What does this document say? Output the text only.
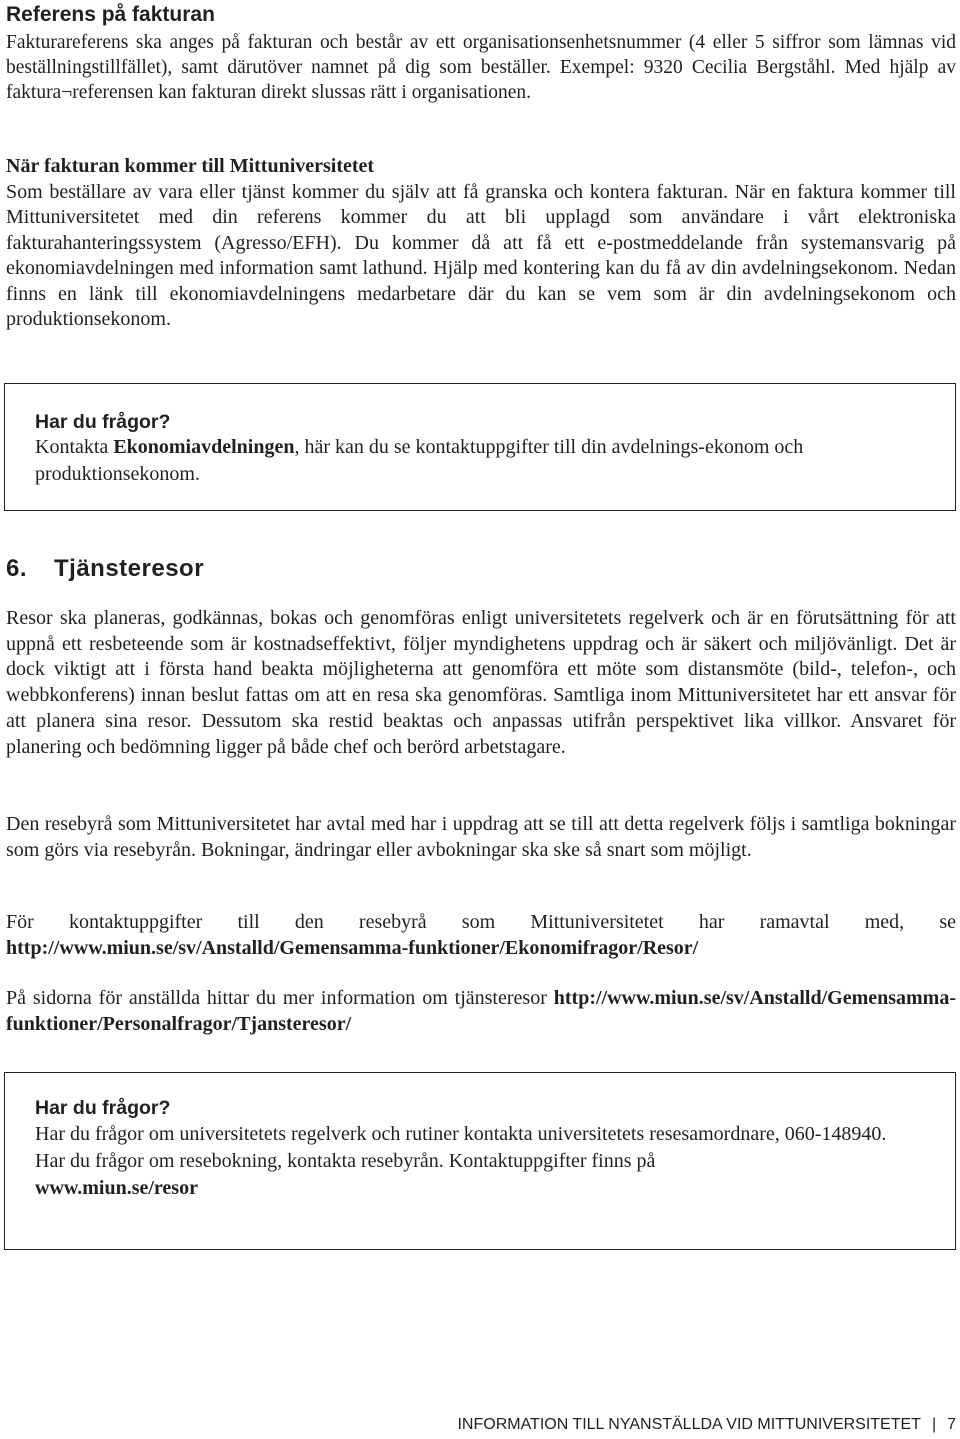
Referens på fakturan

Fakturareferens ska anges på fakturan och består av ett organisationsenhetsnummer (4 eller 5 siffror som lämnas vid beställningstillfället), samt därutöver namnet på dig som beställer. Exempel: 9320 Cecilia Bergståhl. Med hjälp av faktura¬referensen kan fakturan direkt slussas rätt i organisationen.

När fakturan kommer till Mittuniversitetet

Som beställare av vara eller tjänst kommer du själv att få granska och kontera fakturan. När en faktura kommer till Mittuniversitetet med din referens kommer du att bli upplagd som användare i vårt elektroniska fakturahanteringssystem (Agresso/EFH). Du kommer då att få ett e-postmeddelande från systemansvarig på ekonomiavdelningen med information samt lathund. Hjälp med kontering kan du få av din avdelningsekonom. Nedan finns en länk till ekonomiavdelningens medarbetare där du kan se vem som är din avdelningsekonom och produktionsekonom.

Har du frågor?

Kontakta Ekonomiavdelningen, här kan du se kontaktuppgifter till din avdelnings-ekonom och produktionsekonom.

6. Tjänsteresor

Resor ska planeras, godkännas, bokas och genomföras enligt universitetets regelverk och är en förutsättning för att uppnå ett resbeteende som är kostnadseffektivt, följer myndighetens uppdrag och är säkert och miljövänligt. Det är dock viktigt att i första hand beakta möjligheterna att genomföra ett möte som distansmöte (bild-, telefon-, och webbkonferens) innan beslut fattas om att en resa ska genomföras. Samtliga inom Mittuniversitetet har ett ansvar för att planera sina resor. Dessutom ska restid beaktas och anpassas utifrån perspektivet lika villkor. Ansvaret för planering och bedömning ligger på både chef och berörd arbetstagare.

Den resebyrå som Mittuniversitetet har avtal med har i uppdrag att se till att detta regelverk följs i samtliga bokningar som görs via resebyrån. Bokningar, ändringar eller avbokningar ska ske så snart som möjligt.

För kontaktuppgifter till den resebyrå som Mittuniversitetet har ramavtal med, se http://www.miun.se/sv/Anstalld/Gemensamma-funktioner/Ekonomifragor/Resor/

På sidorna för anställda hittar du mer information om tjänsteresor http://www.miun.se/sv/Anstalld/Gemensamma-funktioner/Personalfragor/Tjansteresor/

Har du frågor?

Har du frågor om universitetets regelverk och rutiner kontakta universitetets resesamordnare, 060-148940.
Har du frågor om resebokning, kontakta resebyrån. Kontaktuppgifter finns på
www.miun.se/resor

INFORMATION TILL NYANSTÄLLDA VID MITTUNIVERSITETET | 7
